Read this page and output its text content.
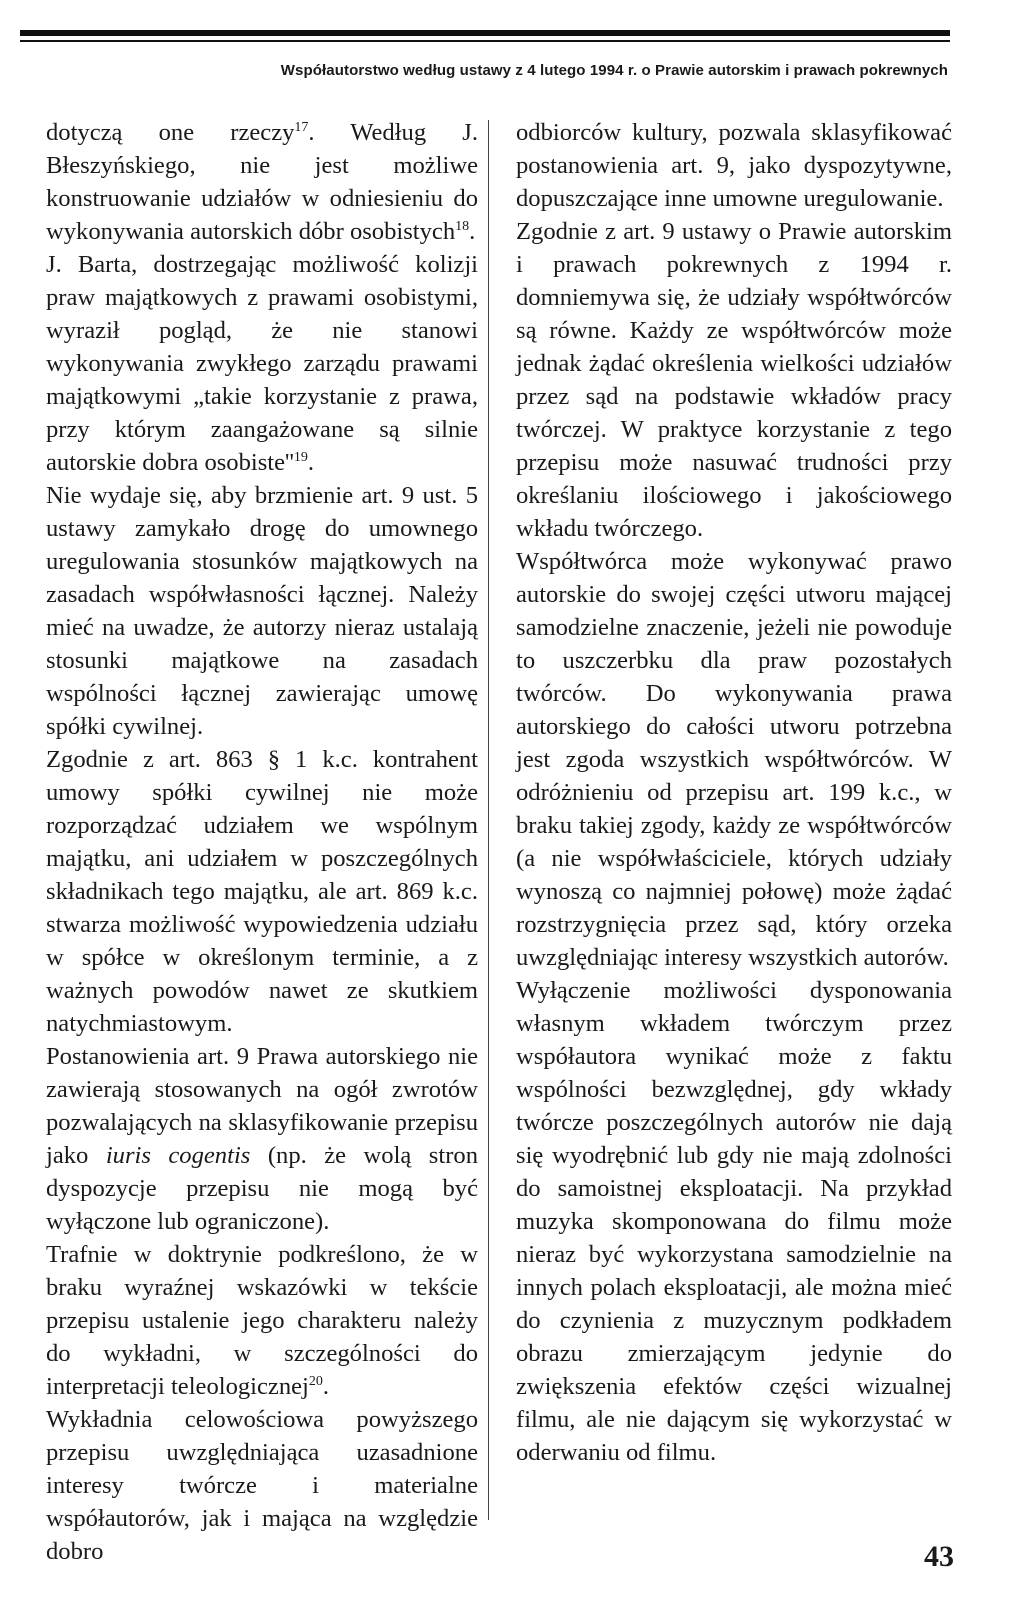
Współautorstwo według ustawy z 4 lutego 1994 r. o Prawie autorskim i prawach pokrewnych

dotyczą one rzeczy$^{17}$. Według J. Błeszyńskiego, nie jest możliwe konstruowanie udziałów w odniesieniu do wykonywania autorskich dóbr osobistych$^{18}$.

J. Barta, dostrzegając możliwość kolizji praw majątkowych z prawami osobistymi, wyraził pogląd, że nie stanowi wykonywania zwykłego zarządu prawami majątkowymi „takie korzystanie z prawa, przy którym zaangażowane są silnie autorskie dobra $osobiste''^{19}$.

Nie wydaje się, aby brzmienie art. 9 ust. 5 ustawy zamykało drogę do umownego uregulowania stosunków majątkowych na zasadach współwłasności łącznej. Należy mieć na uwadze, że autorzy nieraz ustalają stosunki majątkowe na zasadach wspólności łącznej zawierając umowę spółki cywilnej.

Zgodnie z art. 863 § 1 k.c. kontrahent umowy spółki cywilnej nie może rozporządzać udziałem we wspólnym majątku, ani udziałem w poszczególnych składnikach tego majątku, ale art. 869 k.c. stwarza możliwość wypowiedzenia udziału w spółce w określonym terminie, a z ważnych powodów nawet ze skutkiem natychmiastowym.

Postanowienia art. 9 Prawa autorskiego nie zawierają stosowanych na ogół zwrotów pozwalających na sklasyfikowanie przepisu jako iuris cogentis (np. że wolą stron dyspozycje przepisu nie mogą być wyłączone lub ograniczone).

Trafnie w doktrynie podkreślono, że w braku wyraźnej wskazówki w tekście przepisu ustalenie jego charakteru należy do wykładni, w szczególności do interpretacji teleologicznej$^{20}$.

Wykładnia celowościowa powyższego przepisu uwzględniająca uzasadnione interesy twórcze i materialne współautorów, jak i mająca na względzie dobro

odbiorców kultury, pozwala sklasyfikować postanowienia art. 9, jako dyspozytywne, dopuszczające inne umowne uregulowanie.

Zgodnie z art. 9 ustawy o Prawie autorskim i prawach pokrewnych z 1994 r. domniemywa się, że udziały współtwórców są równe. Każdy ze współtwórców może jednak żądać określenia wielkości udziałów przez sąd na podstawie wkładów pracy twórczej. W praktyce korzystanie z tego przepisu może nasuwać trudności przy określaniu ilościowego i jakościowego wkładu twórczego.

Współtwórca może wykonywać prawo autorskie do swojej części utworu mającej samodzielne znaczenie, jeżeli nie powoduje to uszczerbku dla praw pozostałych twórców. Do wykonywania prawa autorskiego do całości utworu potrzebna jest zgoda wszystkich współtwórców. W odróżnieniu od przepisu art. 199 k.c., w braku takiej zgody, każdy ze współtwórców (a nie współwłaściciele, których udziały wynoszą co najmniej połowę) może żądać rozstrzygnięcia przez sąd, który orzeka uwzględniając interesy wszystkich autorów.

Wyłączenie możliwości dysponowania własnym wkładem twórczym przez współautora wynikać może z faktu wspólności bezwzględnej, gdy wkłady twórcze poszczególnych autorów nie dają się wyodrębnić lub gdy nie mają zdolności do samoistnej eksploatacji. Na przykład muzyka skomponowana do filmu może nieraz być wykorzystana samodzielnie na innych polach eksploatacji, ale można mieć do czynienia z muzycznym podkładem obrazu zmierzającym jedynie do zwiększenia efektów części wizualnej filmu, ale nie dającym się wykorzystać w oderwaniu od filmu.

43
